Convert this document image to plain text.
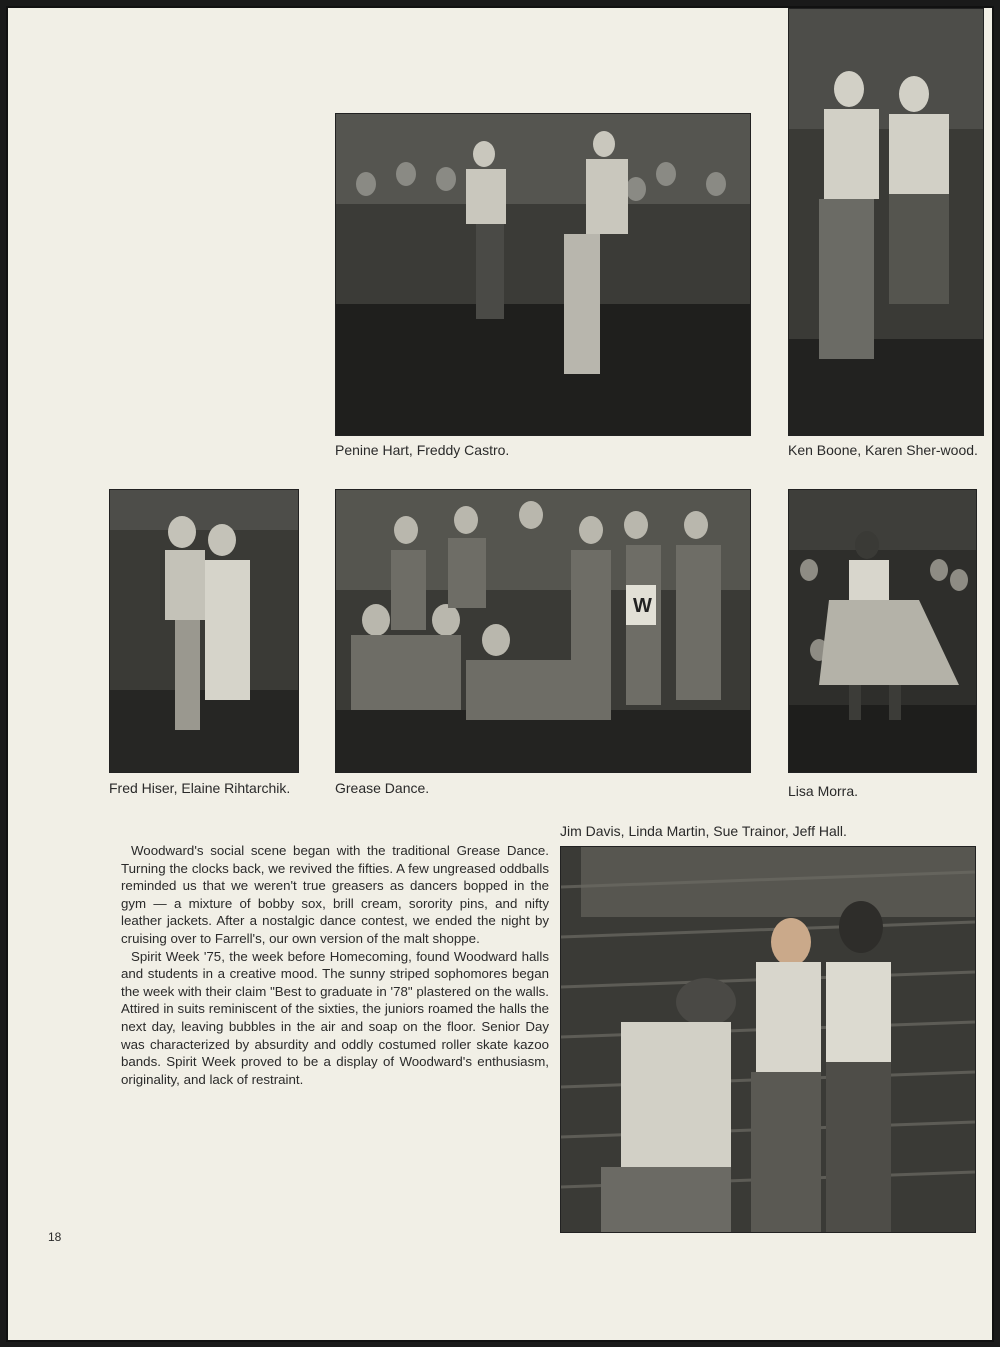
Penine Hart, Freddy Castro.	Ken Boone, Karen Sher-wood.
Fred Hiser, Elaine Rihtarchik.
W
Grease Dance.	Lisa Morra.
Jim Davis, Linda Martin, Sue Trainor, Jeff Hall.

Woodward's social scene began with the traditional Grease Dance. Turning the clocks back, we revived the fifties. A few ungreased oddballs reminded us that we weren't true greasers as dancers bopped in the gym — a mixture of bobby sox, brill cream, sorority pins, and nifty leather jackets. After a nostalgic dance contest, we ended the night by cruising over to Farrell's, our own version of the malt shoppe.

Spirit Week '75, the week before Homecoming, found Woodward halls and students in a creative mood. The sunny striped sophomores began the week with their claim "Best to graduate in '78" plastered on the walls. Attired in suits reminiscent of the sixties, the juniors roamed the halls the next day, leaving bubbles in the air and soap on the floor. Senior Day was characterized by absurdity and oddly costumed roller skate kazoo bands. Spirit Week proved to be a display of Woodward's enthusiasm, originality, and lack of restraint.

18
